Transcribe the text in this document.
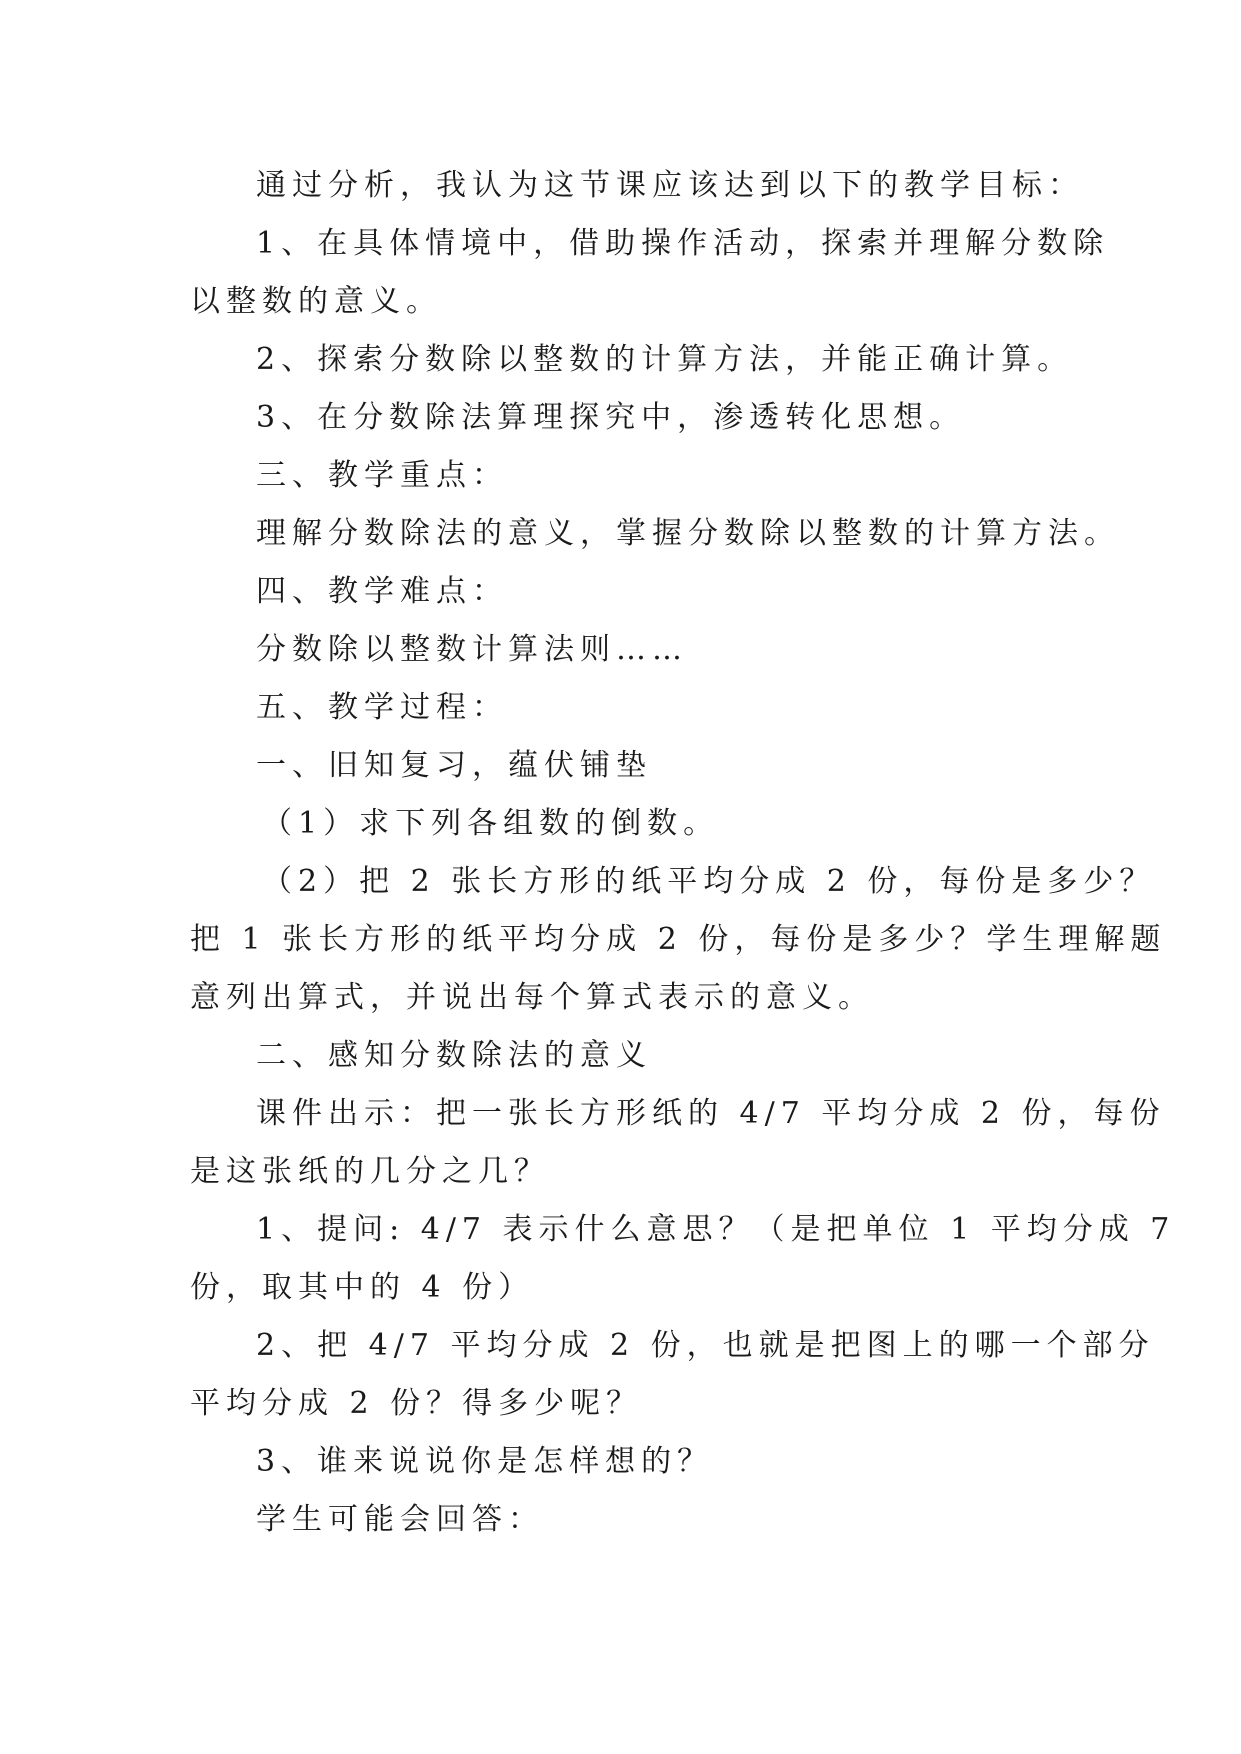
通过分析，我认为这节课应该达到以下的教学目标：
1、在具体情境中，借助操作活动，探索并理解分数除
以整数的意义。
2、探索分数除以整数的计算方法，并能正确计算。
3、在分数除法算理探究中，渗透转化思想。
三、教学重点：
理解分数除法的意义，掌握分数除以整数的计算方法。
四、教学难点：
分数除以整数计算法则……
五、教学过程：
一、旧知复习，蕴伏铺垫
（1）求下列各组数的倒数。
（2）把 2 张长方形的纸平均分成 2 份，每份是多少？
把 1 张长方形的纸平均分成 2 份，每份是多少？学生理解题
意列出算式，并说出每个算式表示的意义。
二、感知分数除法的意义
课件出示：把一张长方形纸的 4/7 平均分成 2 份，每份
是这张纸的几分之几？
1、提问: 4/7 表示什么意思？（是把单位 1 平均分成 7
份，取其中的 4 份）
2、把 4/7 平均分成 2 份，也就是把图上的哪一个部分
平均分成 2 份？得多少呢？
3、谁来说说你是怎样想的？
学生可能会回答：
